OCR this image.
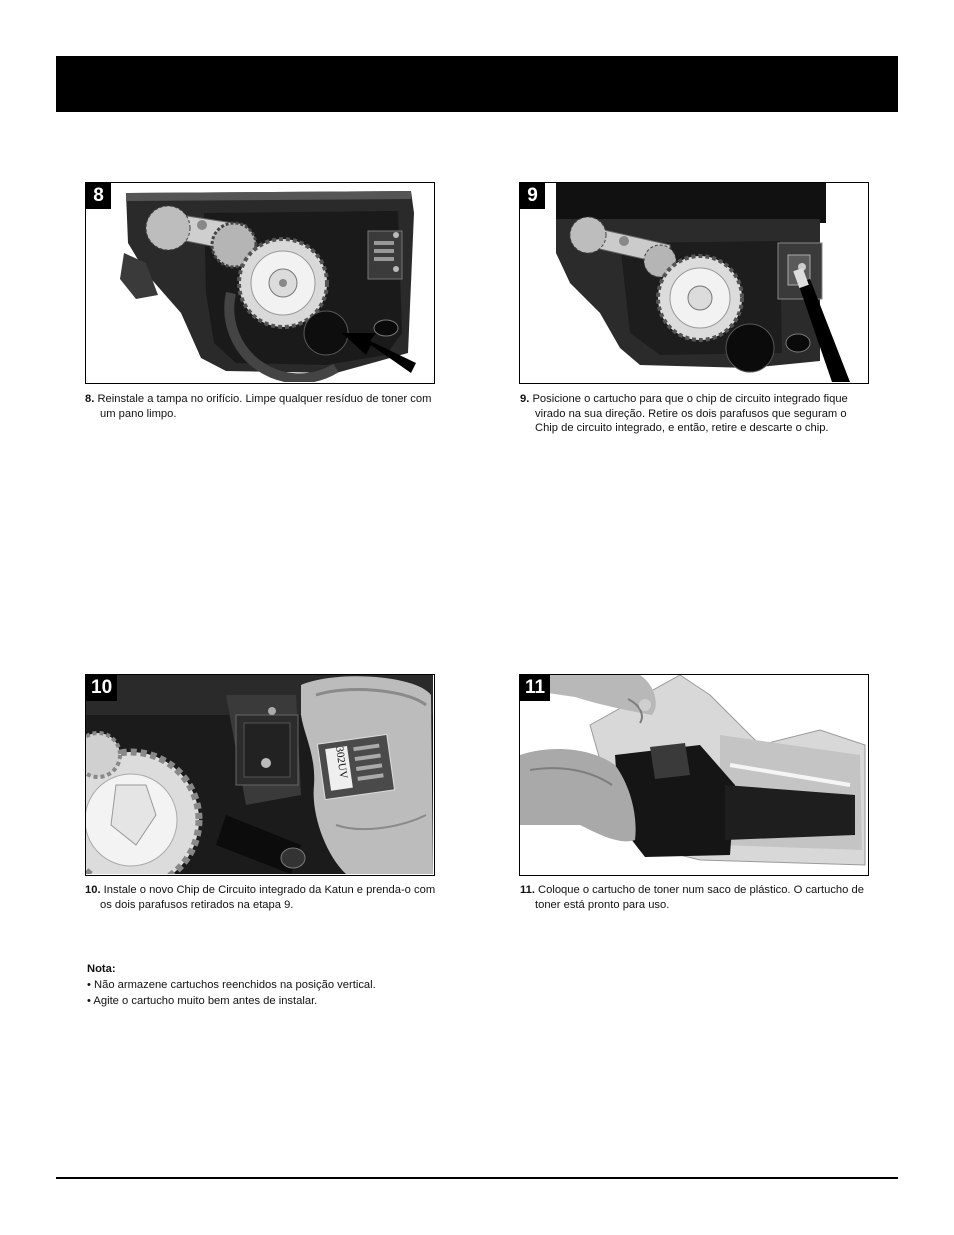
8
8. Reinstale a tampa no orifício. Limpe qualquer resíduo de toner com um pano limpo.
9
9. Posicione o cartucho para que o chip de circuito integrado fique virado na sua direção. Retire os dois parafusos que seguram o Chip de circuito integrado, e então, retire e descarte o chip.
10
302UV
10. Instale o novo Chip de Circuito integrado da Katun e prenda-o com os dois parafusos retirados na etapa 9.
11
11. Coloque o cartucho de toner num saco de plástico. O cartucho de toner está pronto para uso.
Nota:
• Não armazene cartuchos reenchidos na posição vertical.
• Agite o cartucho muito bem antes de instalar.
